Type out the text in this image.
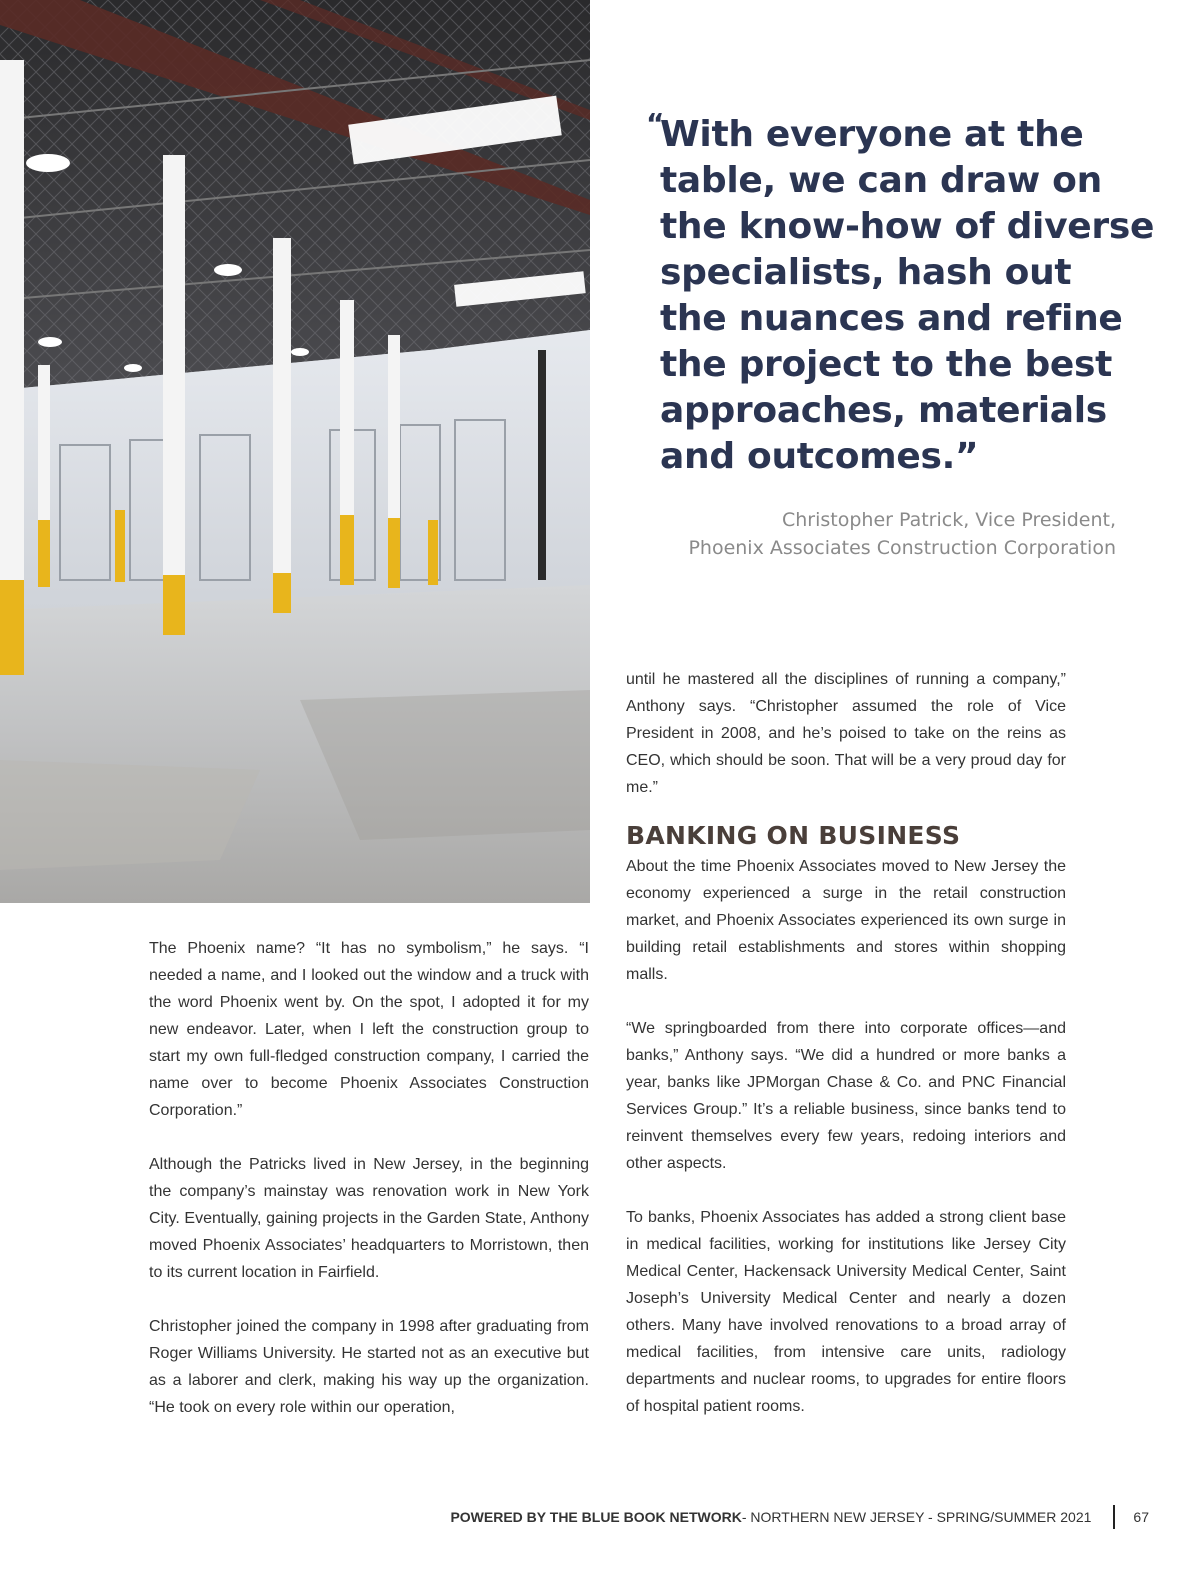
“
With everyone at the
table, we can draw on
the know-how of diverse
specialists, hash out
the nuances and refine
the project to the best
approaches, materials
and outcomes.”
Christopher Patrick, Vice President,
Phoenix Associates Construction Corporation

The Phoenix name? “It has no symbolism,” he says. “I needed a name, and I looked out the window and a truck with the word Phoenix went by. On the spot, I adopted it for my new endeavor. Later, when I left the construction group to start my own full-fledged construction company, I carried the name over to become Phoenix Associates Construction Corporation.”

Although the Patricks lived in New Jersey, in the beginning the company’s mainstay was renovation work in New York City. Eventually, gaining projects in the Garden State, Anthony moved Phoenix Associates’ headquarters to Morristown, then to its current location in Fairfield.

Christopher joined the company in 1998 after graduating from Roger Williams University. He started not as an executive but as a laborer and clerk, making his way up the organization. “He took on every role within our operation,

until he mastered all the disciplines of running a company,” Anthony says. “Christopher assumed the role of Vice President in 2008, and he’s poised to take on the reins as CEO, which should be soon. That will be a very proud day for me.”

BANKING ON BUSINESS

About the time Phoenix Associates moved to New Jersey the economy experienced a surge in the retail construction market, and Phoenix Associates experienced its own surge in building retail establishments and stores within shopping malls.

“We springboarded from there into corporate offices—and banks,” Anthony says. “We did a hundred or more banks a year, banks like JPMorgan Chase & Co. and PNC Financial Services Group.” It’s a reliable business, since banks tend to reinvent themselves every few years, redoing interiors and other aspects.

To banks, Phoenix Associates has added a strong client base in medical facilities, working for institutions like Jersey City Medical Center, Hackensack University Medical Center, Saint Joseph’s University Medical Center and nearly a dozen others. Many have involved renovations to a broad array of medical facilities, from intensive care units, radiology departments and nuclear rooms, to upgrades for entire floors of hospital patient rooms.

POWERED BY THE BLUE BOOK NETWORK - NORTHERN NEW JERSEY - SPRING/SUMMER 2021	67
